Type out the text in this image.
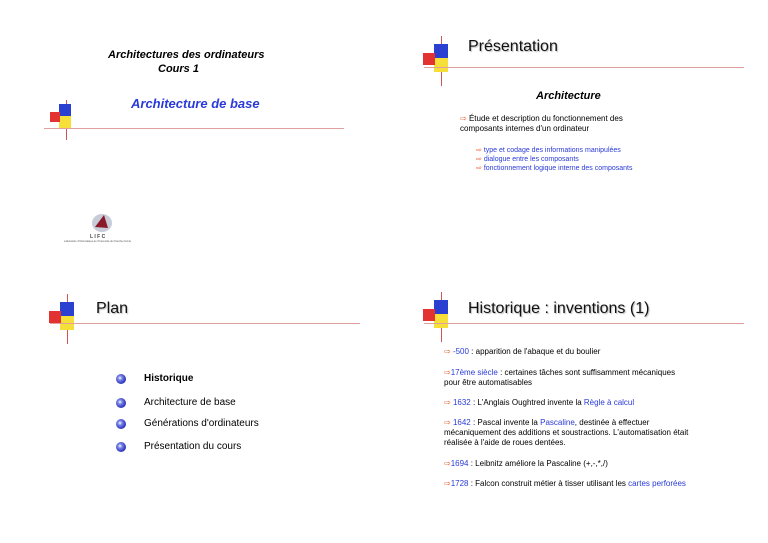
Architectures des ordinateurs
Cours 1
Architecture de base
L I F C
Laboratoire d'Informatique de l'Université de Franche-Comté
Présentation
Architecture
⇨ Étude et description du fonctionnement des
composants internes d'un ordinateur
⇨ type et codage des informations manipulées
⇨ dialogue entre les composants
⇨ fonctionnement logique interne des composants
Plan
Historique
Architecture de base
Générations d'ordinateurs
Présentation du cours
Historique : inventions (1)
⇨ -500 : apparition de l'abaque et du boulier
⇨17ème siècle : certaines tâches sont suffisamment mécaniques
pour être automatisables
⇨ 1632 : L'Anglais Oughtred invente la Règle à calcul
⇨ 1642 : Pascal invente la Pascaline, destinée à effectuer
mécaniquement des additions et soustractions. L'automatisation était
réalisée à l'aide de roues dentées.
⇨1694 : Leibnitz améliore la Pascaline (+,-,*,/)
⇨1728 : Falcon construit métier à tisser utilisant les cartes perforées
